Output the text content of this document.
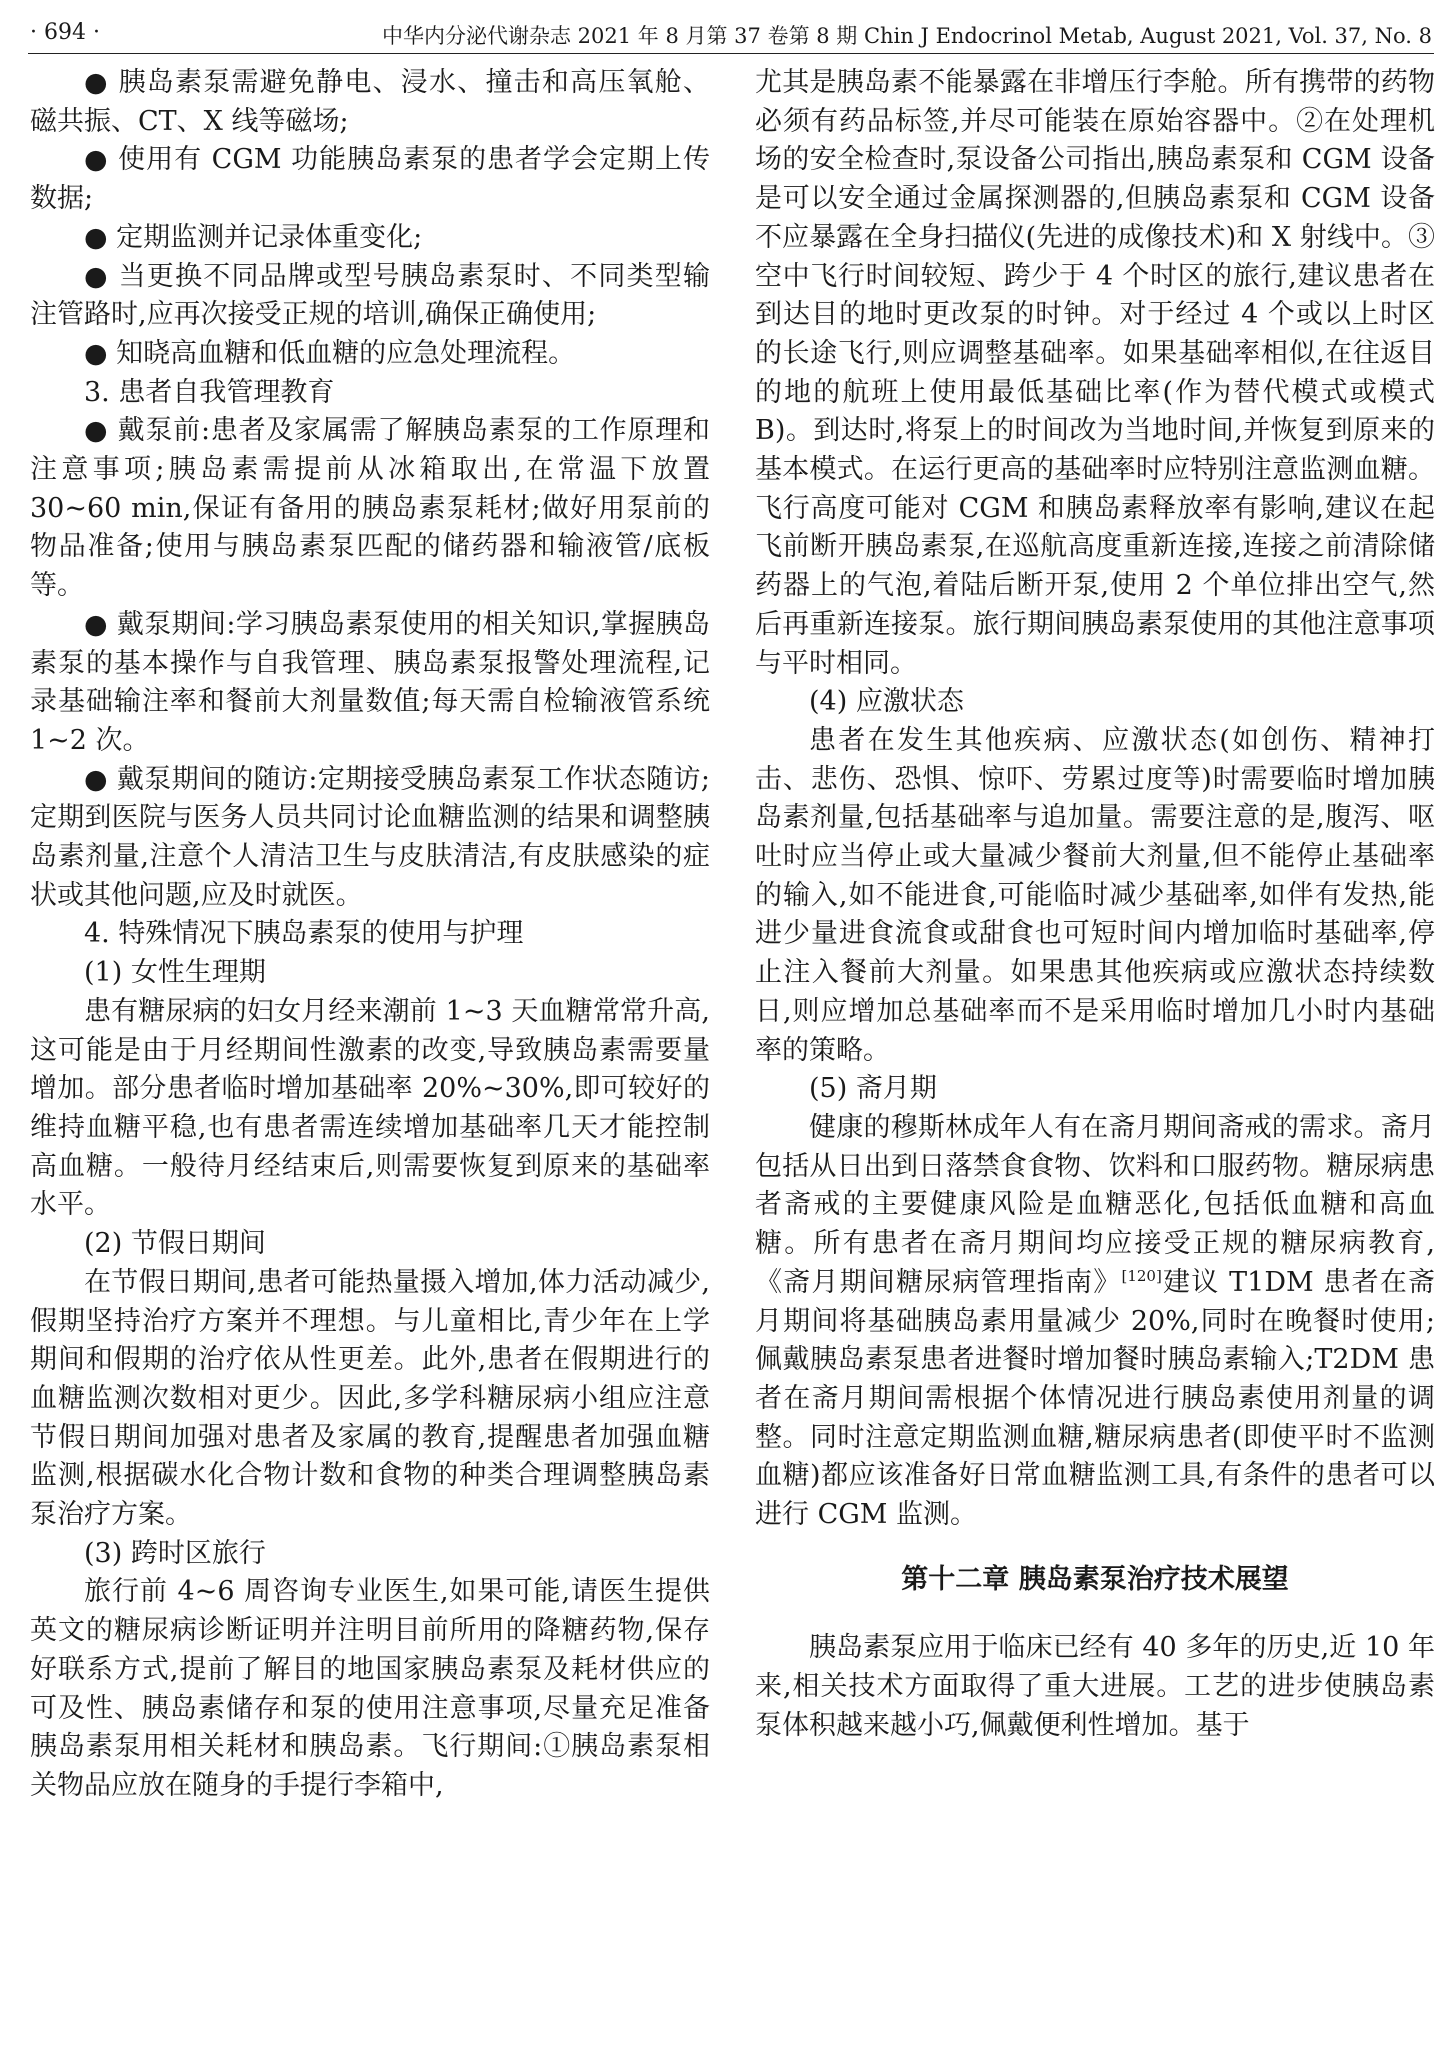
· 694 ·	中华内分泌代谢杂志 2021 年 8 月第 37 卷第 8 期 Chin J Endocrinol Metab, August 2021, Vol. 37, No. 8

● 胰岛素泵需避免静电、浸水、撞击和高压氧舱、磁共振、CT、X 线等磁场;

● 使用有 CGM 功能胰岛素泵的患者学会定期上传数据;

● 定期监测并记录体重变化;

● 当更换不同品牌或型号胰岛素泵时、不同类型输注管路时,应再次接受正规的培训,确保正确使用;

● 知晓高血糖和低血糖的应急处理流程。

3. 患者自我管理教育

● 戴泵前:患者及家属需了解胰岛素泵的工作原理和注意事项;胰岛素需提前从冰箱取出,在常温下放置 30~60 min,保证有备用的胰岛素泵耗材;做好用泵前的物品准备;使用与胰岛素泵匹配的储药器和输液管/底板等。

● 戴泵期间:学习胰岛素泵使用的相关知识,掌握胰岛素泵的基本操作与自我管理、胰岛素泵报警处理流程,记录基础输注率和餐前大剂量数值;每天需自检输液管系统 1~2 次。

● 戴泵期间的随访:定期接受胰岛素泵工作状态随访;定期到医院与医务人员共同讨论血糖监测的结果和调整胰岛素剂量,注意个人清洁卫生与皮肤清洁,有皮肤感染的症状或其他问题,应及时就医。

4. 特殊情况下胰岛素泵的使用与护理

(1) 女性生理期

患有糖尿病的妇女月经来潮前 1~3 天血糖常常升高,这可能是由于月经期间性激素的改变,导致胰岛素需要量增加。部分患者临时增加基础率 20%~30%,即可较好的维持血糖平稳,也有患者需连续增加基础率几天才能控制高血糖。一般待月经结束后,则需要恢复到原来的基础率水平。

(2) 节假日期间

在节假日期间,患者可能热量摄入增加,体力活动减少,假期坚持治疗方案并不理想。与儿童相比,青少年在上学期间和假期的治疗依从性更差。此外,患者在假期进行的血糖监测次数相对更少。因此,多学科糖尿病小组应注意节假日期间加强对患者及家属的教育,提醒患者加强血糖监测,根据碳水化合物计数和食物的种类合理调整胰岛素泵治疗方案。

(3) 跨时区旅行

旅行前 4~6 周咨询专业医生,如果可能,请医生提供英文的糖尿病诊断证明并注明目前所用的降糖药物,保存好联系方式,提前了解目的地国家胰岛素泵及耗材供应的可及性、胰岛素储存和泵的使用注意事项,尽量充足准备胰岛素泵用相关耗材和胰岛素。飞行期间:①胰岛素泵相关物品应放在随身的手提行李箱中,

尤其是胰岛素不能暴露在非增压行李舱。所有携带的药物必须有药品标签,并尽可能装在原始容器中。②在处理机场的安全检查时,泵设备公司指出,胰岛素泵和 CGM 设备是可以安全通过金属探测器的,但胰岛素泵和 CGM 设备不应暴露在全身扫描仪(先进的成像技术)和 X 射线中。③空中飞行时间较短、跨少于 4 个时区的旅行,建议患者在到达目的地时更改泵的时钟。对于经过 4 个或以上时区的长途飞行,则应调整基础率。如果基础率相似,在往返目的地的航班上使用最低基础比率(作为替代模式或模式 B)。到达时,将泵上的时间改为当地时间,并恢复到原来的基本模式。在运行更高的基础率时应特别注意监测血糖。飞行高度可能对 CGM 和胰岛素释放率有影响,建议在起飞前断开胰岛素泵,在巡航高度重新连接,连接之前清除储药器上的气泡,着陆后断开泵,使用 2 个单位排出空气,然后再重新连接泵。旅行期间胰岛素泵使用的其他注意事项与平时相同。

(4) 应激状态

患者在发生其他疾病、应激状态(如创伤、精神打击、悲伤、恐惧、惊吓、劳累过度等)时需要临时增加胰岛素剂量,包括基础率与追加量。需要注意的是,腹泻、呕吐时应当停止或大量减少餐前大剂量,但不能停止基础率的输入,如不能进食,可能临时减少基础率,如伴有发热,能进少量进食流食或甜食也可短时间内增加临时基础率,停止注入餐前大剂量。如果患其他疾病或应激状态持续数日,则应增加总基础率而不是采用临时增加几小时内基础率的策略。

(5) 斋月期

健康的穆斯林成年人有在斋月期间斋戒的需求。斋月包括从日出到日落禁食食物、饮料和口服药物。糖尿病患者斋戒的主要健康风险是血糖恶化,包括低血糖和高血糖。所有患者在斋月期间均应接受正规的糖尿病教育,《斋月期间糖尿病管理指南》[120]建议 T1DM 患者在斋月期间将基础胰岛素用量减少 20%,同时在晚餐时使用;佩戴胰岛素泵患者进餐时增加餐时胰岛素输入;T2DM 患者在斋月期间需根据个体情况进行胰岛素使用剂量的调整。同时注意定期监测血糖,糖尿病患者(即使平时不监测血糖)都应该准备好日常血糖监测工具,有条件的患者可以进行 CGM 监测。

第十二章 胰岛素泵治疗技术展望

胰岛素泵应用于临床已经有 40 多年的历史,近 10 年来,相关技术方面取得了重大进展。工艺的进步使胰岛素泵体积越来越小巧,佩戴便利性增加。基于
